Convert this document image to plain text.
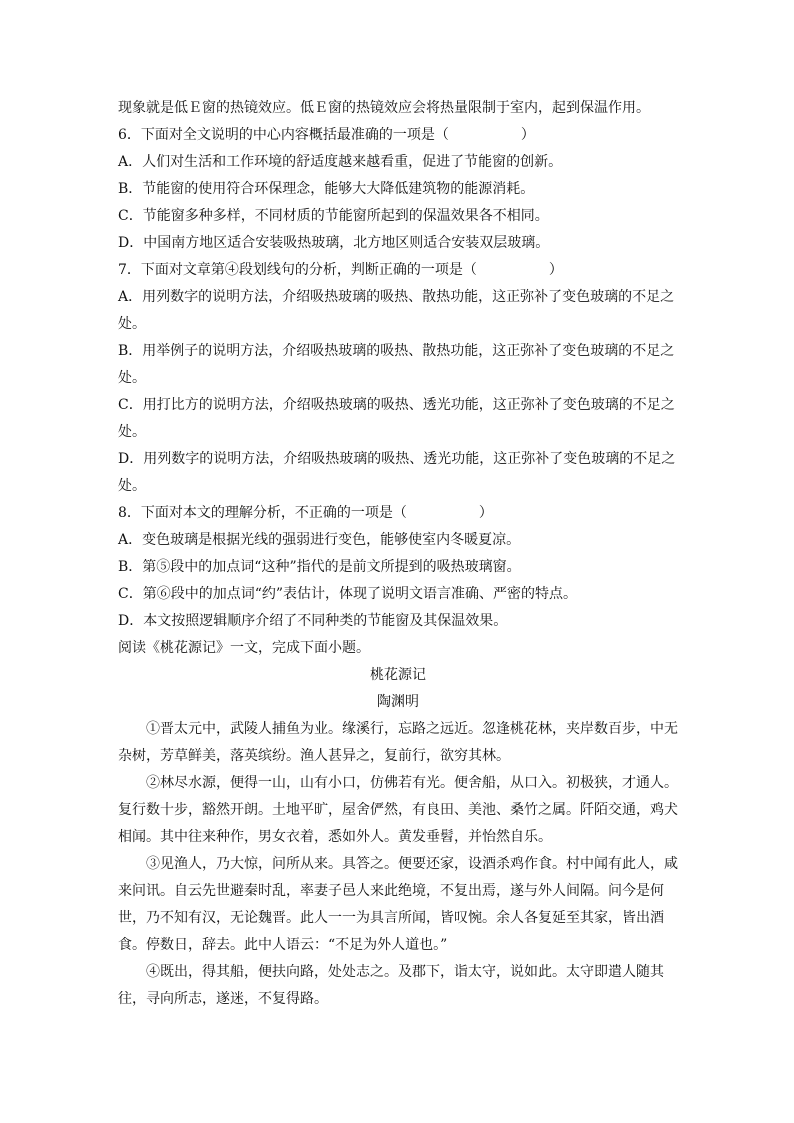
现象就是低Ｅ窗的热镜效应。低Ｅ窗的热镜效应会将热量限制于室内，起到保温作用。
6．下面对全文说明的中心内容概括最准确的一项是（	）
A．人们对生活和工作环境的舒适度越来越看重，促进了节能窗的创新。
B．节能窗的使用符合环保理念，能够大大降低建筑物的能源消耗。
C．节能窗多种多样，不同材质的节能窗所起到的保温效果各不相同。
D．中国南方地区适合安装吸热玻璃，北方地区则适合安装双层玻璃。
7．下面对文章第④段划线句的分析，判断正确的一项是（	）
A．用列数字的说明方法，介绍吸热玻璃的吸热、散热功能，这正弥补了变色玻璃的不足之处。
B．用举例子的说明方法，介绍吸热玻璃的吸热、散热功能，这正弥补了变色玻璃的不足之处。
C．用打比方的说明方法，介绍吸热玻璃的吸热、透光功能，这正弥补了变色玻璃的不足之处。
D．用列数字的说明方法，介绍吸热玻璃的吸热、透光功能，这正弥补了变色玻璃的不足之处。
8．下面对本文的理解分析，不正确的一项是（	）
A．变色玻璃是根据光线的强弱进行变色，能够使室内冬暖夏凉。
B．第⑤段中的加点词“这种”指代的是前文所提到的吸热玻璃窗。
C．第⑥段中的加点词“约”表估计，体现了说明文语言准确、严密的特点。
D．本文按照逻辑顺序介绍了不同种类的节能窗及其保温效果。
阅读《桃花源记》一文，完成下面小题。
桃花源记
陶渊明
①晋太元中，武陵人捕鱼为业。缘溪行，忘路之远近。忽逢桃花林，夹岸数百步，中无杂树，芳草鲜美，落英缤纷。渔人甚异之，复前行，欲穷其林。
②林尽水源，便得一山，山有小口，仿佛若有光。便舍船，从口入。初极狭，才通人。复行数十步，豁然开朗。土地平旷，屋舍俨然，有良田、美池、桑竹之属。阡陌交通，鸡犬相闻。其中往来种作，男女衣着，悉如外人。黄发垂髫，并怡然自乐。
③见渔人，乃大惊，问所从来。具答之。便要还家，设酒杀鸡作食。村中闻有此人，咸来问讯。自云先世避秦时乱，率妻子邑人来此绝境，不复出焉，遂与外人间隔。问今是何世，乃不知有汉，无论魏晋。此人一一为具言所闻，皆叹惋。余人各复延至其家，皆出酒食。停数日，辞去。此中人语云：“不足为外人道也。”
④既出，得其船，便扶向路，处处志之。及郡下，诣太守，说如此。太守即遣人随其往，寻向所志，遂迷，不复得路。
